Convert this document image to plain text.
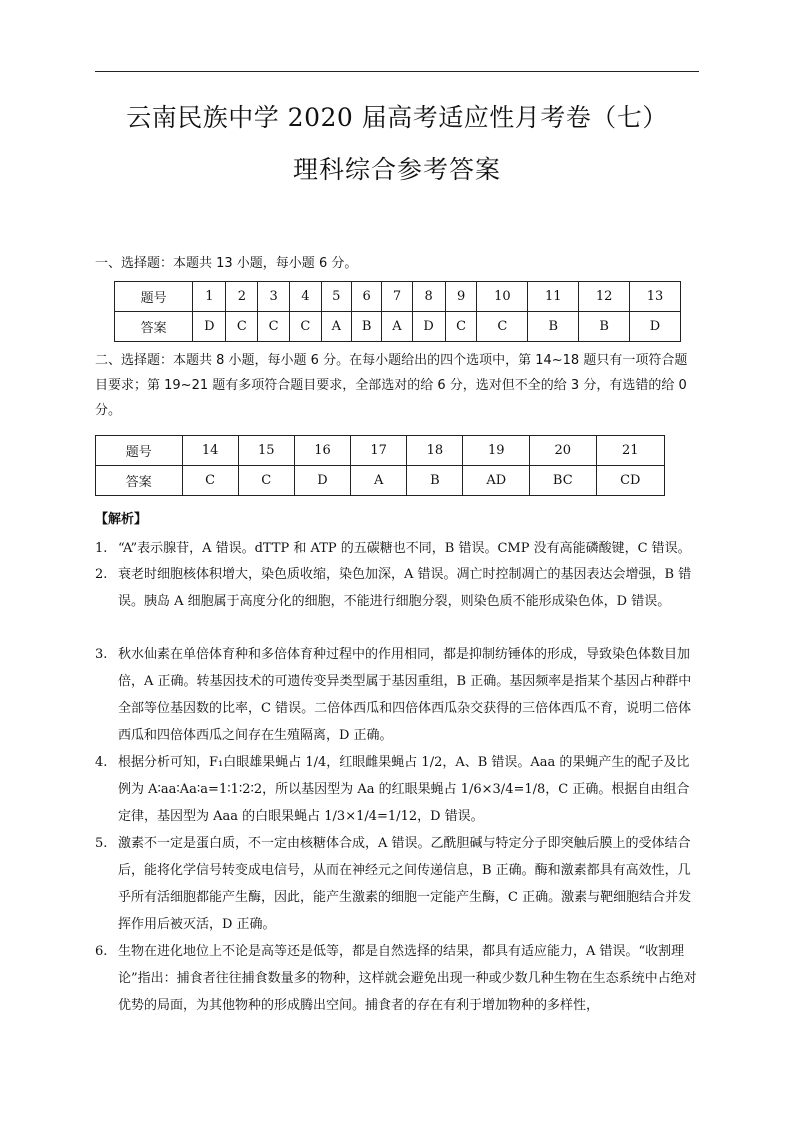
云南民族中学 2020 届高考适应性月考卷（七）
理科综合参考答案
一、选择题：本题共 13 小题，每小题 6 分。
题号	1	2	3	4	5	6	7	8	9	10	11	12	13
答案	D	C	C	C	A	B	A	D	C	C	B	B	D
二、选择题：本题共 8 小题，每小题 6 分。在每小题给出的四个选项中，第 14~18 题只有一项符合题目要求；第 19~21 题有多项符合题目要求，全部选对的给 6 分，选对但不全的给 3 分，有选错的给 0 分。
题号	14	15	16	17	18	19	20	21
答案	C	C	D	A	B	AD	BC	CD
【解析】
1. “A”表示腺苷，A 错误。dTTP 和 ATP 的五碳糖也不同，B 错误。CMP 没有高能磷酸键，C 错误。
2. 衰老时细胞核体积增大，染色质收缩，染色加深，A 错误。凋亡时控制凋亡的基因表达会增强，B 错误。胰岛 A 细胞属于高度分化的细胞，不能进行细胞分裂，则染色质不能形成染色体，D 错误。
3. 秋水仙素在单倍体育种和多倍体育种过程中的作用相同，都是抑制纺锤体的形成，导致染色体数目加倍，A 正确。转基因技术的可遗传变异类型属于基因重组，B 正确。基因频率是指某个基因占种群中全部等位基因数的比率，C 错误。二倍体西瓜和四倍体西瓜杂交获得的三倍体西瓜不育，说明二倍体西瓜和四倍体西瓜之间存在生殖隔离，D 正确。
4. 根据分析可知，F₁白眼雄果蝇占 1/4，红眼雌果蝇占 1/2，A、B 错误。Aaa 的果蝇产生的配子及比例为 A∶aa∶Aa∶a=1∶1∶2∶2，所以基因型为 Aa 的红眼果蝇占 1/6×3/4=1/8，C 正确。根据自由组合定律，基因型为 Aaa 的白眼果蝇占 1/3×1/4=1/12，D 错误。
5. 激素不一定是蛋白质，不一定由核糖体合成，A 错误。乙酰胆碱与特定分子即突触后膜上的受体结合后，能将化学信号转变成电信号，从而在神经元之间传递信息，B 正确。酶和激素都具有高效性，几乎所有活细胞都能产生酶，因此，能产生激素的细胞一定能产生酶，C 正确。激素与靶细胞结合并发挥作用后被灭活，D 正确。
6. 生物在进化地位上不论是高等还是低等，都是自然选择的结果，都具有适应能力，A 错误。“收割理论”指出：捕食者往往捕食数量多的物种，这样就会避免出现一种或少数几种生物在生态系统中占绝对优势的局面，为其他物种的形成腾出空间。捕食者的存在有利于增加物种的多样性，
